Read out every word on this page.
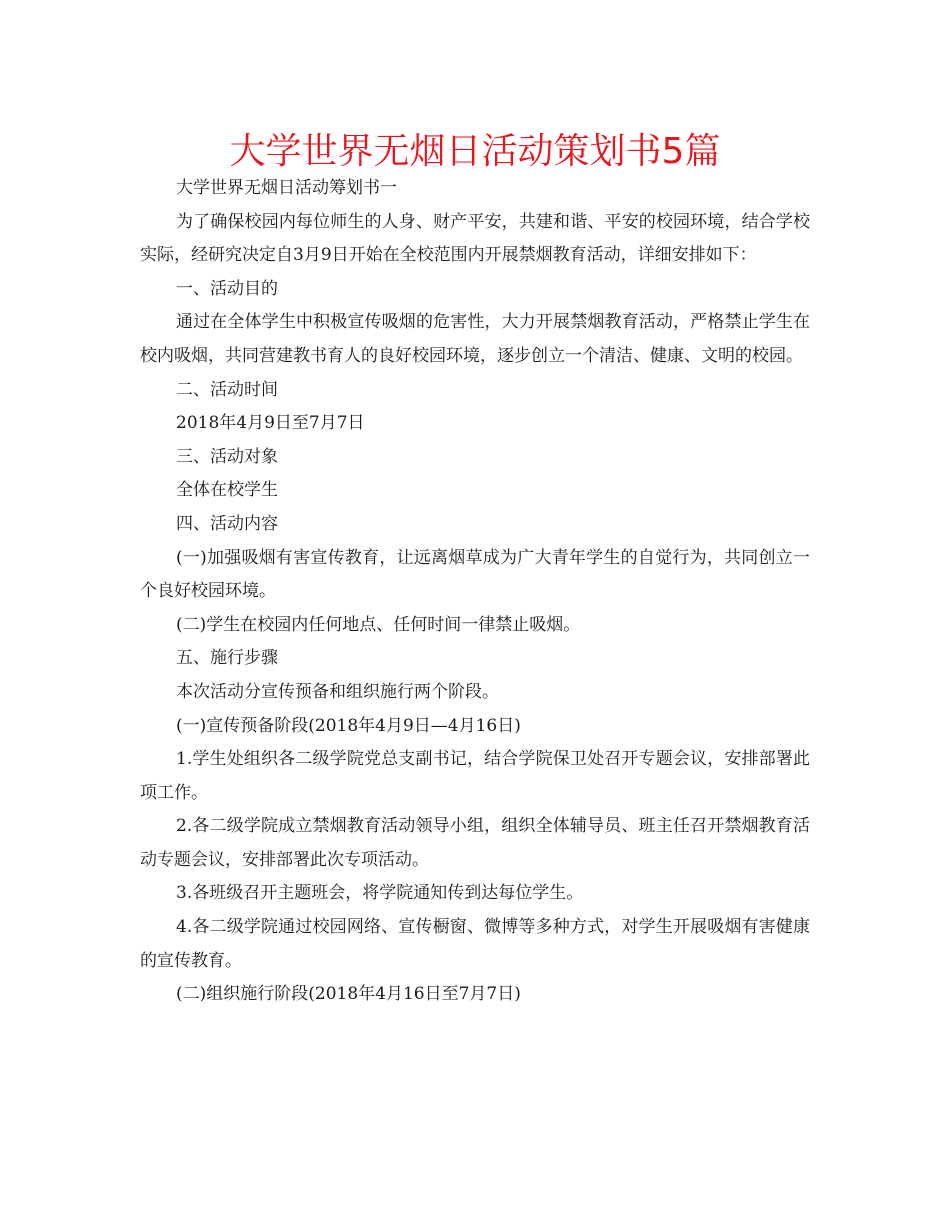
大学世界无烟日活动策划书5篇

大学世界无烟日活动筹划书一

为了确保校园内每位师生的人身、财产平安，共建和谐、平安的校园环境，结合学校实际，经研究决定自3月9日开始在全校范围内开展禁烟教育活动，详细安排如下：

一、活动目的

通过在全体学生中积极宣传吸烟的危害性，大力开展禁烟教育活动，严格禁止学生在校内吸烟，共同营建教书育人的良好校园环境，逐步创立一个清洁、健康、文明的校园。

二、活动时间

2018年4月9日至7月7日

三、活动对象

全体在校学生

四、活动内容

(一)加强吸烟有害宣传教育，让远离烟草成为广大青年学生的自觉行为，共同创立一个良好校园环境。

(二)学生在校园内任何地点、任何时间一律禁止吸烟。

五、施行步骤

本次活动分宣传预备和组织施行两个阶段。

(一)宣传预备阶段(2018年4月9日—4月16日)

1.学生处组织各二级学院党总支副书记，结合学院保卫处召开专题会议，安排部署此项工作。

2.各二级学院成立禁烟教育活动领导小组，组织全体辅导员、班主任召开禁烟教育活动专题会议，安排部署此次专项活动。

3.各班级召开主题班会，将学院通知传到达每位学生。

4.各二级学院通过校园网络、宣传橱窗、微博等多种方式，对学生开展吸烟有害健康的宣传教育。

(二)组织施行阶段(2018年4月16日至7月7日)
